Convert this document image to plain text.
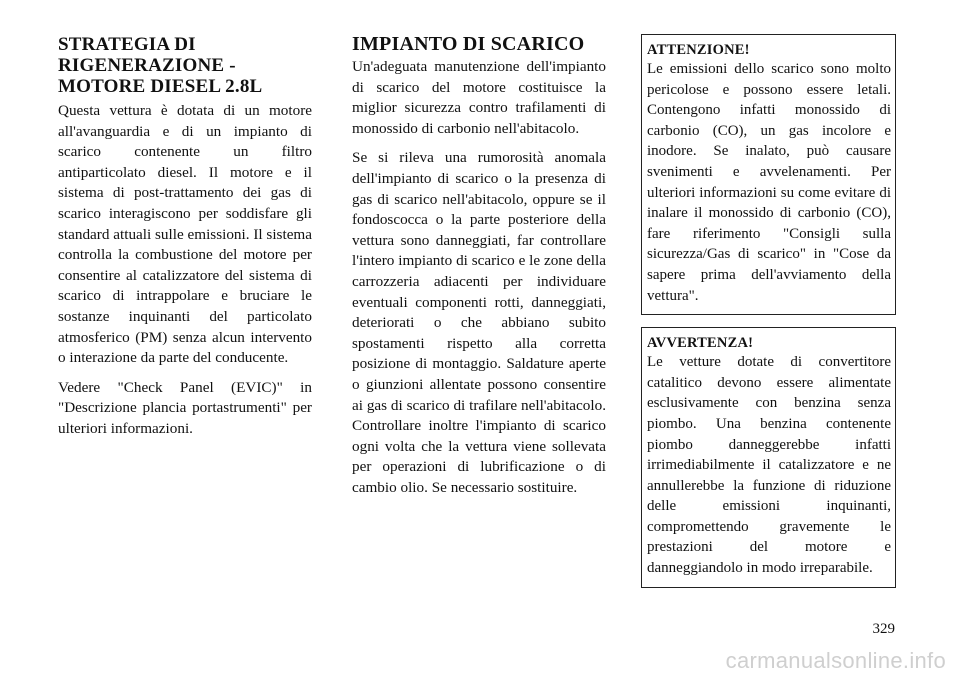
STRATEGIA DI RIGENERAZIONE - MOTORE DIESEL 2.8L

Questa vettura è dotata di un motore all'avanguardia e di un impianto di scarico contenente un filtro antiparticolato diesel. Il motore e il sistema di post-trattamento dei gas di scarico interagiscono per soddisfare gli standard attuali sulle emissioni. Il sistema controlla la combustione del motore per consentire al catalizzatore del sistema di scarico di intrappolare e bruciare le sostanze inquinanti del particolato atmosferico (PM) senza alcun intervento o interazione da parte del conducente.

Vedere "Check Panel (EVIC)" in "Descrizione plancia portastrumenti" per ulteriori informazioni.

IMPIANTO DI SCARICO

Un'adeguata manutenzione dell'impianto di scarico del motore costituisce la miglior sicurezza contro trafilamenti di monossido di carbonio nell'abitacolo.

Se si rileva una rumorosità anomala dell'impianto di scarico o la presenza di gas di scarico nell'abitacolo, oppure se il fondoscocca o la parte posteriore della vettura sono danneggiati, far controllare l'intero impianto di scarico e le zone della carrozzeria adiacenti per individuare eventuali componenti rotti, danneggiati, deteriorati o che abbiano subito spostamenti rispetto alla corretta posizione di montaggio. Saldature aperte o giunzioni allentate possono consentire ai gas di scarico di trafilare nell'abitacolo. Controllare inoltre l'impianto di scarico ogni volta che la vettura viene sollevata per operazioni di lubrificazione o di cambio olio. Se necessario sostituire.

ATTENZIONE!
Le emissioni dello scarico sono molto pericolose e possono essere letali. Contengono infatti monossido di carbonio (CO), un gas incolore e inodore. Se inalato, può causare svenimenti e avvelenamenti. Per ulteriori informazioni su come evitare di inalare il monossido di carbonio (CO), fare riferimento "Consigli sulla sicurezza/Gas di scarico" in "Cose da sapere prima dell'avviamento della vettura".
AVVERTENZA!
Le vetture dotate di convertitore catalitico devono essere alimentate esclusivamente con benzina senza piombo. Una benzina contenente piombo danneggerebbe infatti irrimediabilmente il catalizzatore e ne annullerebbe la funzione di riduzione delle emissioni inquinanti, compromettendo gravemente le prestazioni del motore e danneggiandolo in modo irreparabile.
329
carmanualsonline.info
